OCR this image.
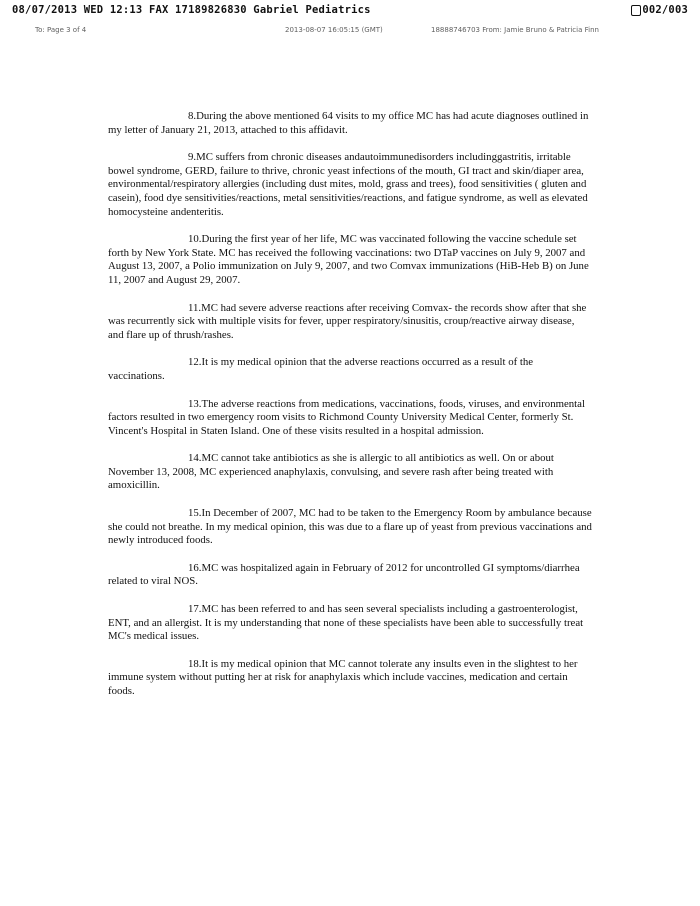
08/07/2013 WED 12:13 FAX 17189826830 Gabriel Pediatrics	002/003
To: Page 3 of 4	2013-08-07 16:05:15 (GMT)	18888746703 From: Jamie Bruno & Patricia Finn

8.During the above mentioned 64 visits to my office MC has had acute diagnoses outlined in my letter of January 21, 2013, attached to this affidavit.

9.MC suffers from chronic diseases andautoimmunedisorders includinggastritis, irritable bowel syndrome, GERD, failure to thrive, chronic yeast infections of the mouth, GI tract and skin/diaper area, environmental/respiratory allergies (including dust mites, mold, grass and trees), food sensitivities ( gluten and casein), food dye sensitivities/reactions, metal sensitivities/reactions, and fatigue syndrome, as well as elevated homocysteine andenteritis.

10.During the first year of her life, MC was vaccinated following the vaccine schedule set forth by New York State. MC has received the following vaccinations: two DTaP vaccines on July 9, 2007 and August 13, 2007, a Polio immunization on July 9, 2007, and two Comvax immunizations (HiB-Heb B) on June 11, 2007 and August 29, 2007.

11.MC had severe adverse reactions after receiving Comvax- the records show after that she was recurrently sick with multiple visits for fever, upper respiratory/sinusitis, croup/reactive airway disease, and flare up of thrush/rashes.

12.It is my medical opinion that the adverse reactions occurred as a result of the vaccinations.

13.The adverse reactions from medications, vaccinations, foods, viruses, and environmental factors resulted in two emergency room visits to Richmond County University Medical Center, formerly St. Vincent's Hospital in Staten Island. One of these visits resulted in a hospital admission.

14.MC cannot take antibiotics as she is allergic to all antibiotics as well. On or about November 13, 2008, MC experienced anaphylaxis, convulsing, and severe rash after being treated with amoxicillin.

15.In December of 2007, MC had to be taken to the Emergency Room by ambulance because she could not breathe. In my medical opinion, this was due to a flare up of yeast from previous vaccinations and newly introduced foods.

16.MC was hospitalized again in February of 2012 for uncontrolled GI symptoms/diarrhea related to viral NOS.

17.MC has been referred to and has seen several specialists including a gastroenterologist, ENT, and an allergist. It is my understanding that none of these specialists have been able to successfully treat MC's medical issues.

18.It is my medical opinion that MC cannot tolerate any insults even in the slightest to her immune system without putting her at risk for anaphylaxis which include vaccines, medication and certain foods.
